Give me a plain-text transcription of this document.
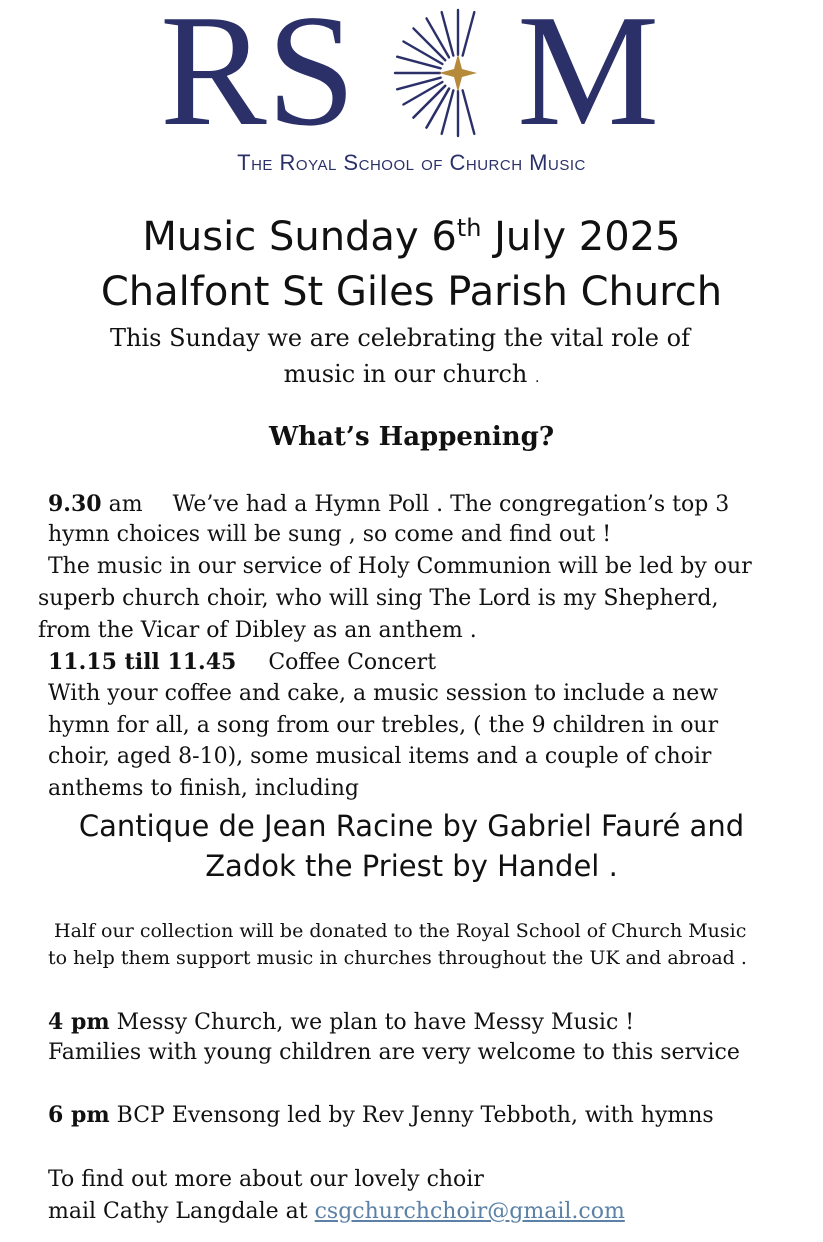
RS M
The Royal School of Church Music
Music Sunday 6th July 2025
Chalfont St Giles Parish Church
This Sunday we are celebrating the vital role of
music in our church .
What’s Happening?
9.30 am We’ve had a Hymn Poll . The congregation’s top 3
hymn choices will be sung , so come and find out !
The music in our service of Holy Communion will be led by our
superb church choir, who will sing The Lord is my Shepherd,
from the Vicar of Dibley as an anthem .
11.15 till 11.45 Coffee Concert
With your coffee and cake, a music session to include a new
hymn for all, a song from our trebles, ( the 9 children in our
choir, aged 8-10), some musical items and a couple of choir
anthems to finish, including
Cantique de Jean Racine by Gabriel Fauré and
Zadok the Priest by Handel .
Half our collection will be donated to the Royal School of Church Music
to help them support music in churches throughout the UK and abroad .
4 pm Messy Church, we plan to have Messy Music !
Families with young children are very welcome to this service
6 pm BCP Evensong led by Rev Jenny Tebboth, with hymns
To find out more about our lovely choir
mail Cathy Langdale at csgchurchchoir@gmail.com
